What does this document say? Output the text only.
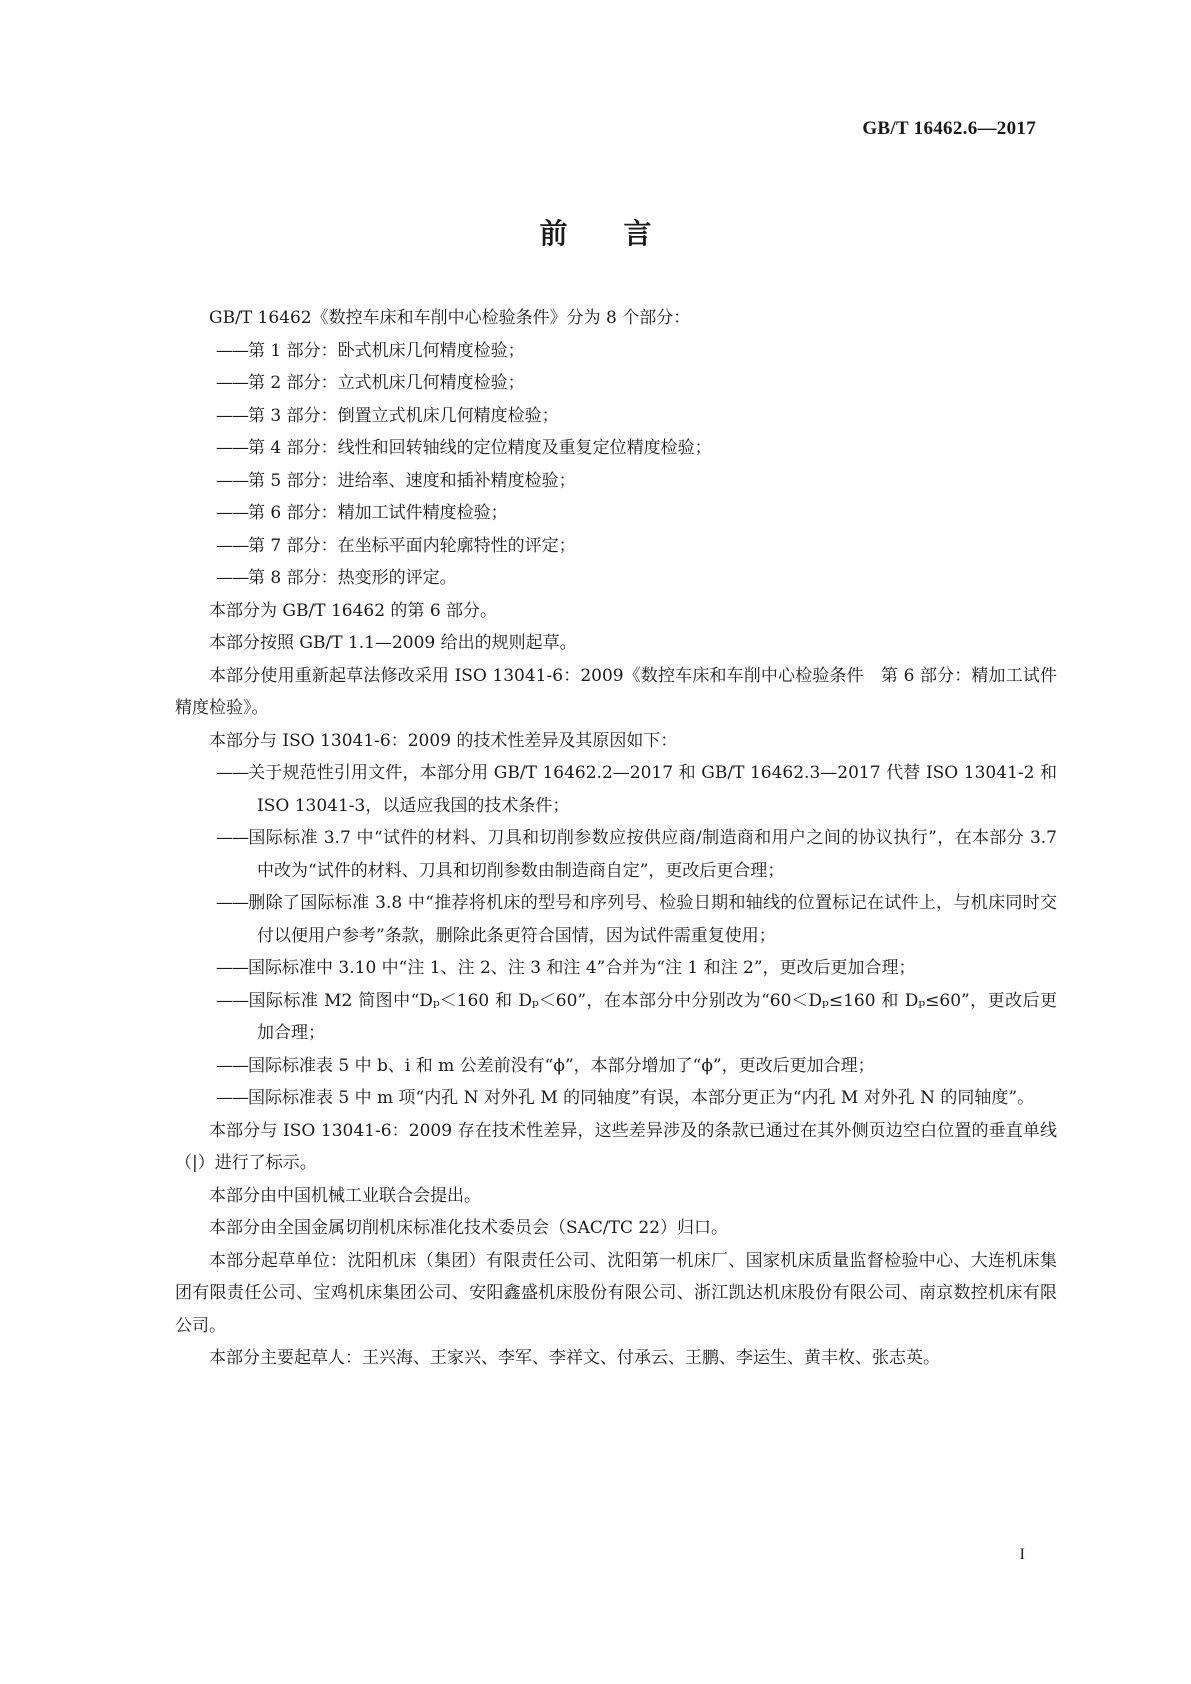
GB/T 16462.6—2017
前 言

GB/T 16462《数控车床和车削中心检验条件》分为 8 个部分：

—— 第 1 部分：卧式机床几何精度检验；

—— 第 2 部分：立式机床几何精度检验；

—— 第 3 部分：倒置立式机床几何精度检验；

—— 第 4 部分：线性和回转轴线的定位精度及重复定位精度检验；

—— 第 5 部分：进给率、速度和插补精度检验；

—— 第 6 部分：精加工试件精度检验；

—— 第 7 部分：在坐标平面内轮廓特性的评定；

—— 第 8 部分：热变形的评定。

本部分为 GB/T 16462 的第 6 部分。

本部分按照 GB/T 1.1—2009 给出的规则起草。

本部分使用重新起草法修改采用 ISO 13041-6：2009《数控车床和车削中心检验条件　第 6 部分：精加工试件精度检验》。

本部分与 ISO 13041-6：2009 的技术性差异及其原因如下：

—— 关于规范性引用文件，本部分用 GB/T 16462.2—2017 和 GB/T 16462.3—2017 代替 ISO 13041-2 和 ISO 13041-3，以适应我国的技术条件；

—— 国际标准 3.7 中“试件的材料、刀具和切削参数应按供应商/制造商和用户之间的协议执行”，在本部分 3.7 中改为“试件的材料、刀具和切削参数由制造商自定”，更改后更合理；

—— 删除了国际标准 3.8 中“推荐将机床的型号和序列号、检验日期和轴线的位置标记在试件上，与机床同时交付以便用户参考”条款，删除此条更符合国情，因为试件需重复使用；

—— 国际标准中 3.10 中“注 1、注 2、注 3 和注 4”合并为“注 1 和注 2”，更改后更加合理；

—— 国际标准 M2 简图中“Dₚ＜160 和 Dₚ＜60”，在本部分中分别改为“60＜Dₚ≤160 和 Dₚ≤60”，更改后更加合理；

—— 国际标准表 5 中 b、i 和 m 公差前没有“ϕ”，本部分增加了“ϕ”，更改后更加合理；

—— 国际标准表 5 中 m 项“内孔 N 对外孔 M 的同轴度”有误，本部分更正为“内孔 M 对外孔 N 的同轴度”。

本部分与 ISO 13041-6：2009 存在技术性差异，这些差异涉及的条款已通过在其外侧页边空白位置的垂直单线（|）进行了标示。

本部分由中国机械工业联合会提出。

本部分由全国金属切削机床标准化技术委员会（SAC/TC 22）归口。

本部分起草单位：沈阳机床（集团）有限责任公司、沈阳第一机床厂、国家机床质量监督检验中心、大连机床集团有限责任公司、宝鸡机床集团公司、安阳鑫盛机床股份有限公司、浙江凯达机床股份有限公司、南京数控机床有限公司。

本部分主要起草人：王兴海、王家兴、李军、李祥文、付承云、王鹏、李运生、黄丰枚、张志英。

I
